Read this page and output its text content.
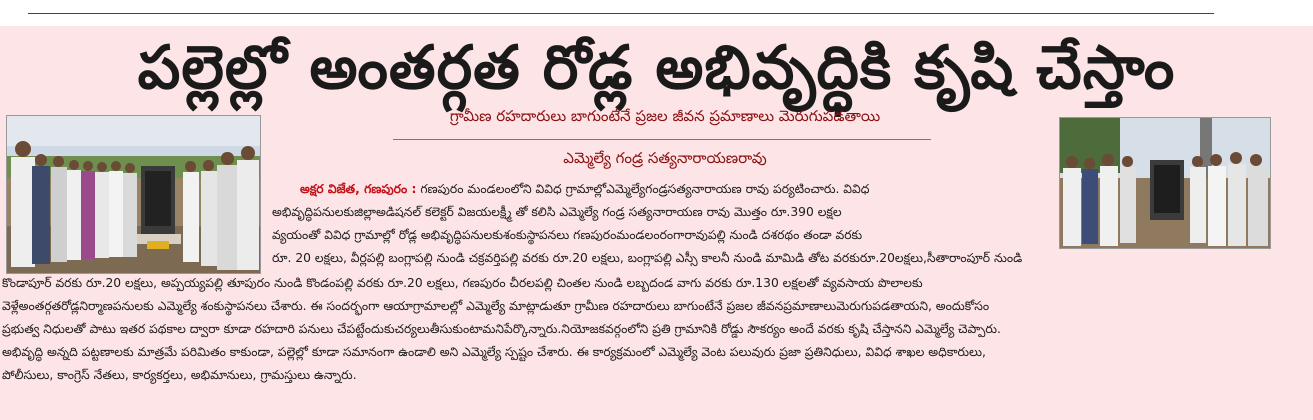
పల్లెల్లో అంతర్గత రోడ్ల అభివృద్ధికి కృషి చేస్తాం
గ్రామీణ రహదారులు బాగుంటేనే ప్రజల జీవన ప్రమాణాలు మెరుగుపడతాయి
ఎమ్మెల్యే గండ్ర సత్యనారాయణరావు
అక్షర విజేత, గణపురం : గణపురం మండలంలోని వివిధ గ్రామాల్లోఎమ్మెల్యేగండ్రసత్యనారాయణ రావు పర్యటించారు. వివిధ
అభివృద్ధిపనులకుజిల్లాఅడిషనల్ కలెక్టర్ విజయలక్ష్మీ తో కలిసి ఎమ్మెల్యే గండ్ర సత్యనారాయణ రావు మొత్తం రూ.390 లక్షల
వ్యయంతో వివిధ గ్రామాల్లో రోడ్ల అభివృద్ధిపనులకుశంకుస్థాపనలు గణపురంమండలంరంగారావుపల్లి నుండి దశరథం తండా వరకు
రూ. 20 లక్షలు, వీర్లపల్లి బంగ్లాపల్లి నుండి చక్రవర్తిపల్లి వరకు రూ.20 లక్షలు, బంగ్లాపల్లి ఎస్సీ కాలనీ నుండి మామిడి తోట వరకురూ.20లక్షలు,సీతారాంపూర్ నుండి
కొండాపూర్ వరకు రూ.20 లక్షలు, అప్పయ్యపల్లి తూపురం నుండి కొండంపల్లి వరకు రూ.20 లక్షలు, గణపురం చీరలపల్లి చింతల నుండి లబ్బదండ వాగు వరకు రూ.130 లక్షలతో వ్యవసాయ పొలాలకు
వెళ్లేఅంతర్గతరోడ్లనిర్మాణపనులకు ఎమ్మెల్యే శంకుస్థాపనలు చేశారు. ఈ సందర్భంగా ఆయాగ్రామాలల్లో ఎమ్మెల్యే మాట్లాడుతూ గ్రామీణ రహదారులు బాగుంటేనే ప్రజల జీవనప్రమాణాలుమెరుగుపడతాయని, అందుకోసం
ప్రభుత్వ నిధులతో పాటు ఇతర పథకాల ద్వారా కూడా రహదారి పనులు చేపట్టేందుకుచర్యలుతీసుకుంటామనిపేర్కొన్నారు.నియోజకవర్గంలోని ప్రతి గ్రామానికి రోడ్డు సౌకర్యం అందే వరకు కృషి చేస్తానని ఎమ్మెల్యే చెప్పారు.
అభివృద్ధి అన్నది పట్టణాలకు మాత్రమే పరిమితం కాకుండా, పల్లెల్లో కూడా సమానంగా ఉండాలి అని ఎమ్మెల్యే స్పష్టం చేశారు. ఈ కార్యక్రమంలో ఎమ్మెల్యే వెంట పలువురు ప్రజా ప్రతినిధులు, వివిధ శాఖల అధికారులు,
పోలీసులు, కాంగ్రెస్ నేతలు, కార్యకర్తలు, అభిమానులు, గ్రామస్తులు ఉన్నారు.
